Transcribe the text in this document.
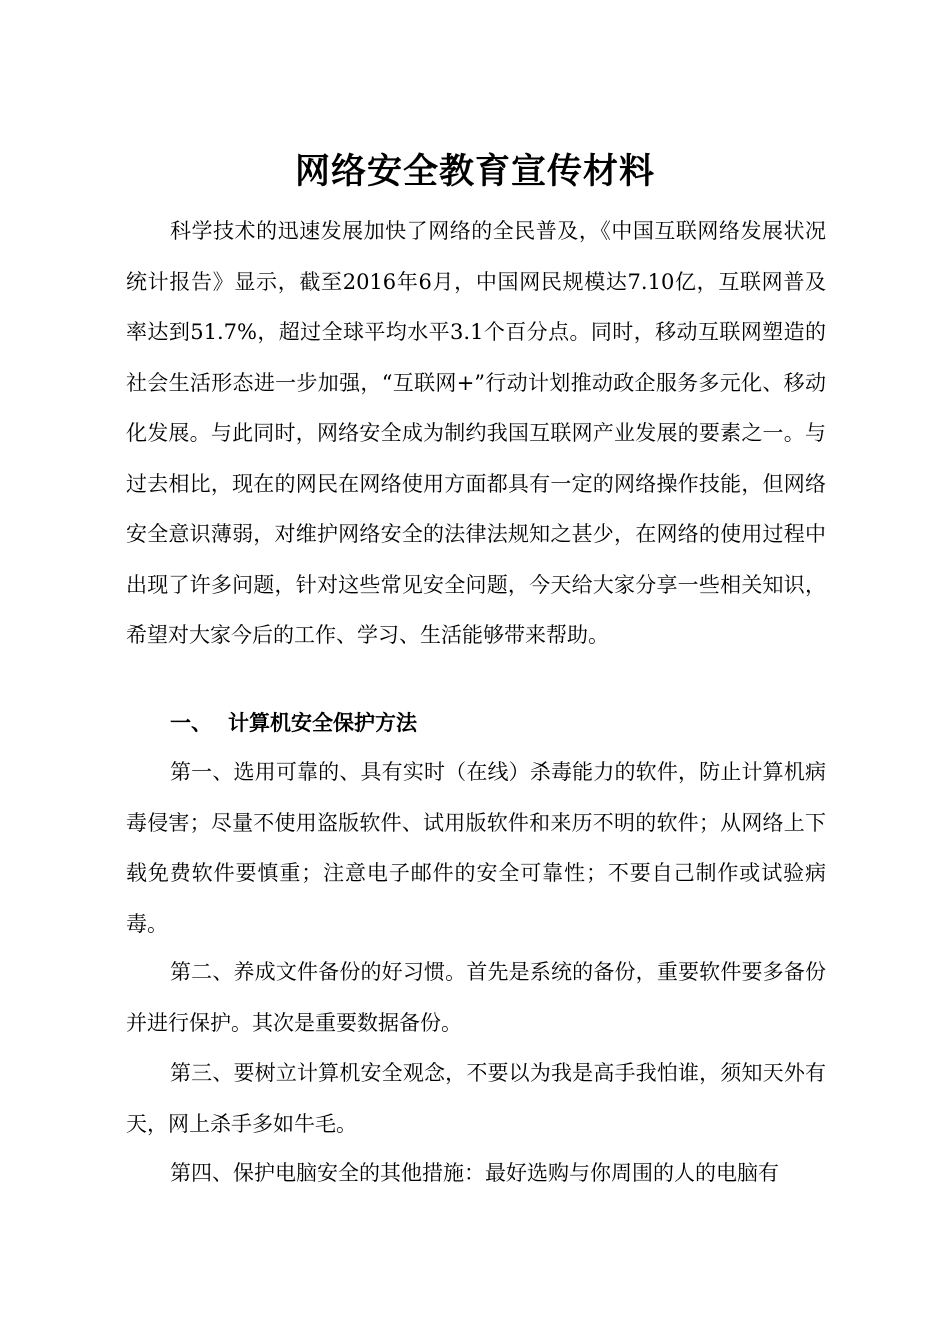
网络安全教育宣传材料

科学技术的迅速发展加快了网络的全民普及，《中国互联网络发展状况统计报告》显示，截至2016年6月，中国网民规模达7.10亿，互联网普及率达到51.7%，超过全球平均水平3.1个百分点。同时，移动互联网塑造的社会生活形态进一步加强，“互联网+”行动计划推动政企服务多元化、移动化发展。与此同时，网络安全成为制约我国互联网产业发展的要素之一。与过去相比，现在的网民在网络使用方面都具有一定的网络操作技能，但网络安全意识薄弱，对维护网络安全的法律法规知之甚少，在网络的使用过程中出现了许多问题，针对这些常见安全问题，今天给大家分享一些相关知识，希望对大家今后的工作、学习、生活能够带来帮助。

一、 计算机安全保护方法

第一、选用可靠的、具有实时（在线）杀毒能力的软件，防止计算机病毒侵害；尽量不使用盗版软件、试用版软件和来历不明的软件；从网络上下载免费软件要慎重；注意电子邮件的安全可靠性；不要自己制作或试验病毒。

第二、养成文件备份的好习惯。首先是系统的备份，重要软件要多备份并进行保护。其次是重要数据备份。

第三、要树立计算机安全观念，不要以为我是高手我怕谁，须知天外有天，网上杀手多如牛毛。

第四、保护电脑安全的其他措施：最好选购与你周围的人的电脑有
